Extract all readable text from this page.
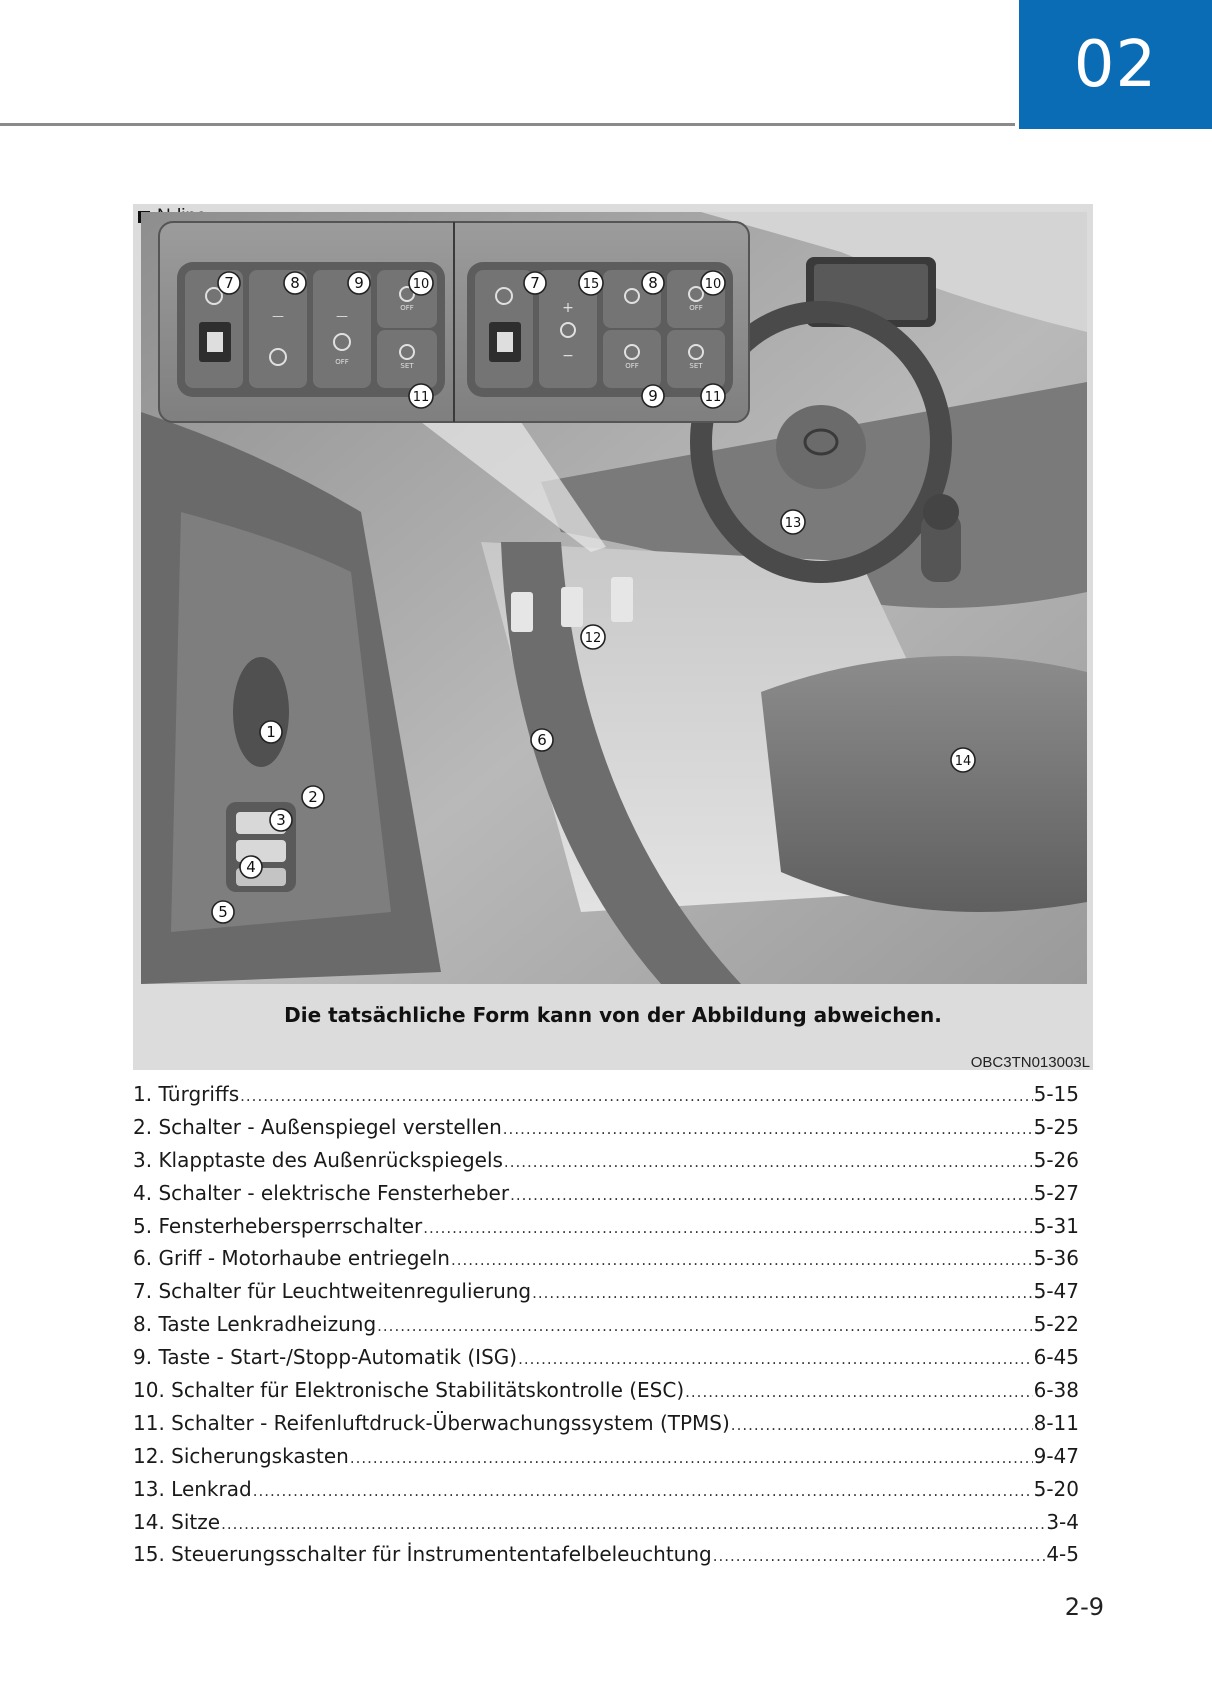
02
—	—
OFF
OFF
SET
+
−
OFF
OFF
SET
7	8	9	10
11
7	15	8	10
9	11
1
2
3
4
5
6
12
13
14
Die tatsächliche Form kann von der Abbildung abweichen.
OBC3TN013003L
1. Türgriffs .....	5-15
2. Schalter - Außenspiegel verstellen .....	5-25
3. Klapptaste des Außenrückspiegels .....	5-26
4. Schalter - elektrische Fensterheber .....	5-27
5. Fensterhebersperrschalter .....	5-31
6. Griff - Motorhaube entriegeln .....	5-36
7. Schalter für Leuchtweitenregulierung .....	5-47
8. Taste Lenkradheizung .....	5-22
9. Taste - Start-/Stopp-Automatik (ISG) .....	6-45
10. Schalter für Elektronische Stabilitätskontrolle (ESC) .....	6-38
11. Schalter - Reifenluftdruck-Überwachungssystem (TPMS) .....	8-11
12. Sicherungskasten .....	9-47
13. Lenkrad .....	5-20
14. Sitze .....	3-4
15. Steuerungsschalter für İnstrumententafelbeleuchtung .....	4-5
2-9
